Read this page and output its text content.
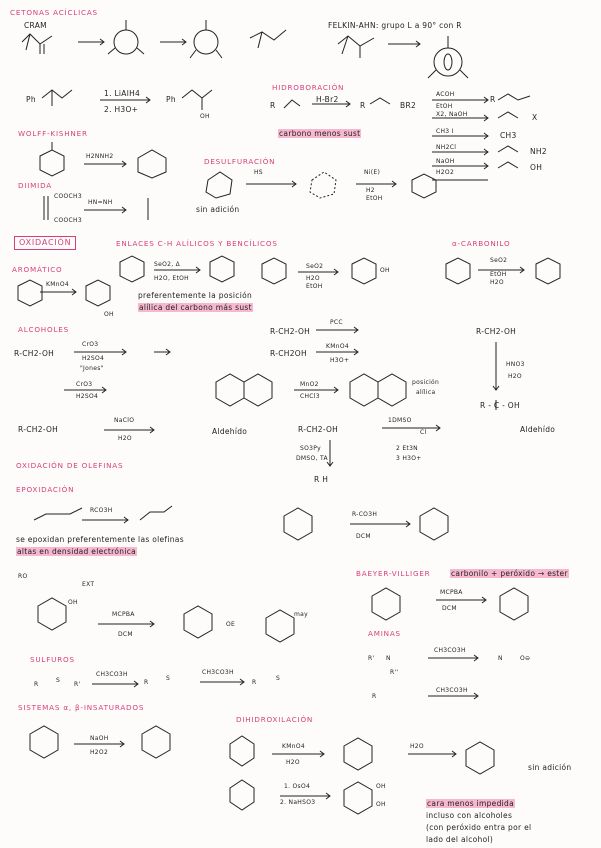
CETONAS ACÍCLICAS
CRAM	FELKIN-AHN: grupo L a 90° con R
Ph
1. LiAlH4
2. H3O+
Ph
OH
HIDROBORACIÓN
R
H-Br2
R	BR2
carbono menos sust
ACOH
EtOH
X2, NaOH
CH3 I
NH2Cl
NaOH
H2O2
R
X
CH3
NH2
OH
WOLFF-KISHNER
H2NNH2
DESULFURACIÓN
HS	Ni(E)
H2
EtOH
DIIMIDA
COOCH3
COOCH3
HN=NH
sin adición
OXIDACIÓN	ENLACES C-H ALÍLICOS Y BENCÍLICOS	α-CARBONILO
SeO2, Δ
H2O, EtOH
SeO2
H2O
EtOH
OH
SeO2
EtOH
H2O
preferentemente la posición
alílica del carbono más sust
AROMÁTICO
KMnO4
OH
ALCOHOLES
R-CH2-OH
CrO3
H2SO4
"Jones"
R-CH2-OH
PCC
R-CH2OH
KMnO4
H3O+
MnO2
CHCl3
posición
alílica
CrO3
H2SO4
R-CH2-OH
HNO3
H2O
R - C - OH
R-CH2-OH
NaClO
H2O
Aldehído	R-CH2-OH
1DMSO
Cl
2 Et3N
3 H3O+
Aldehído
SO3Py
DMSO, TA
R H
OXIDACIÓN DE OLEFINAS
EPOXIDACIÓN
RCO3H
R-CO3H
DCM
se epoxidan preferentemente las olefinas
altas en densidad electrónica
RO
EXT
OH
MCPBA
DCM
OE
may
BAEYER-VILLIGER	carbonilo + peróxido → ester
MCPBA
DCM
AMINAS
CH3CO3H
R' N
R''
N	O⊖
CH3CO3H
R
SULFUROS
CH3CO3H	CH3CO3H
R
S
R'	R
S
R
S
SISTEMAS α, β-INSATURADOS
NaOH
H2O2
DIHIDROXILACIÓN
KMnO4
H2O
H2O
sin adición
1. OsO4
2. NaHSO3
OH
OH	cara menos impedida
incluso con alcoholes
(con peróxido entra por el
lado del alcohol)
